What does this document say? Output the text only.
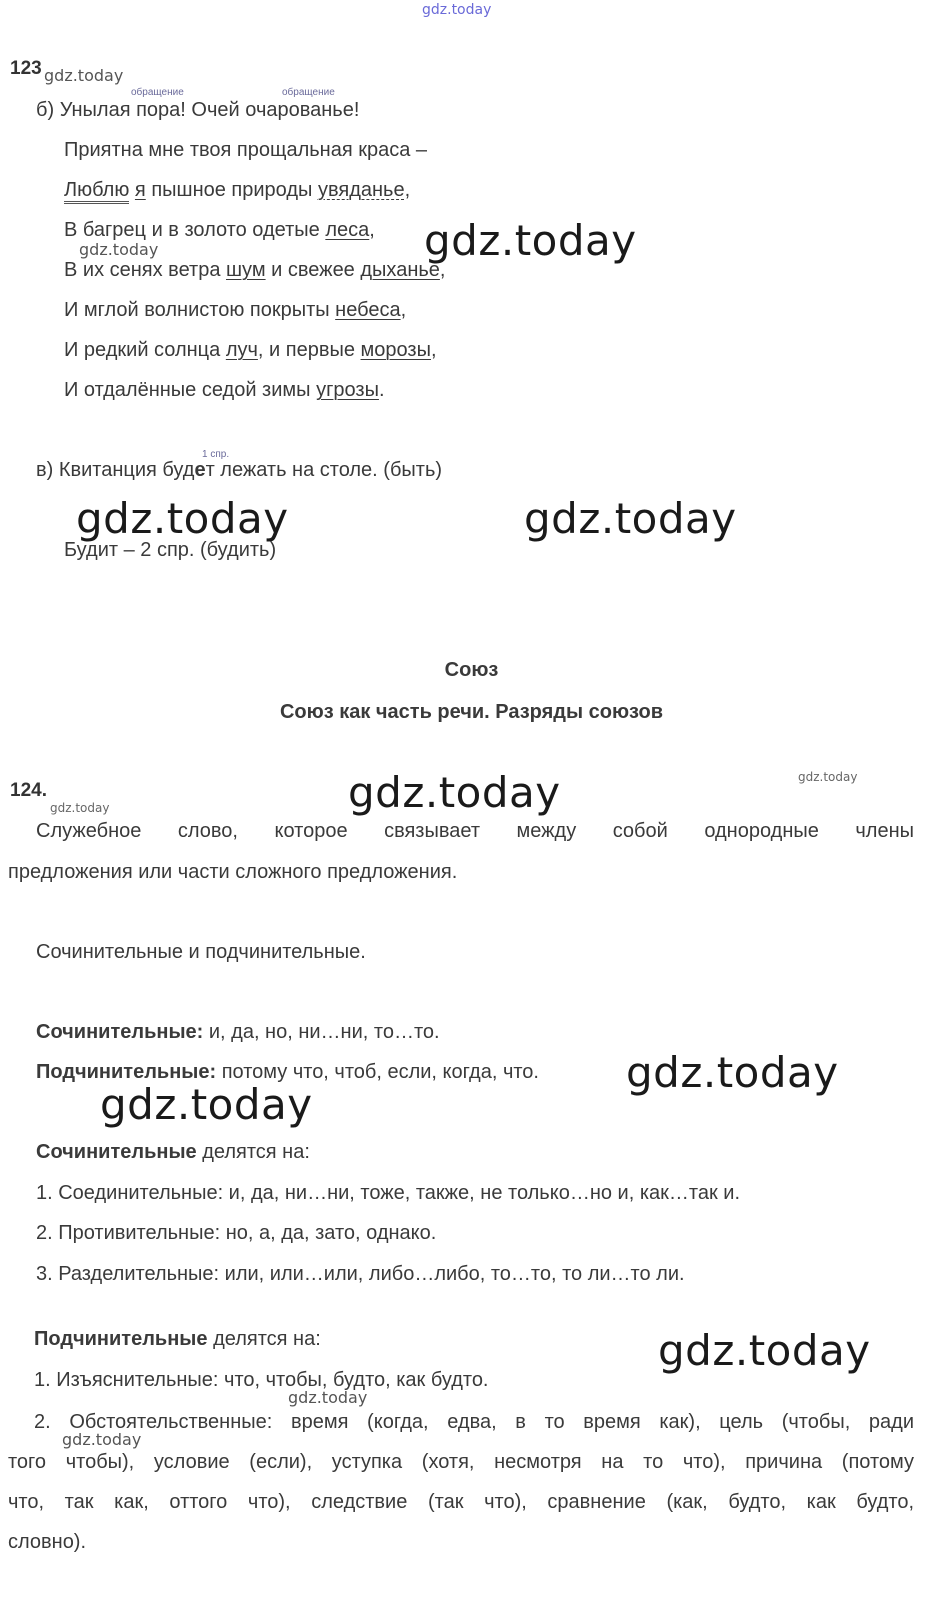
gdz.today
123 gdz.today
обращение	обращение
б) Унылая пора! Очей очарованье!
Приятна мне твоя прощальная краса –
Люблю я пышное природы увяданье,
В багрец и в золото одетые леса,
В их сенях ветра шум и свежее дыханье,
И мглой волнистою покрыты небеса,
И редкий солнца луч, и первые морозы,
И отдалённые седой зимы угрозы.
gdz.today	gdz.today
1 спр.
в) Квитанция будет лежать на столе. (быть)
gdz.today	gdz.today
Будит – 2 спр. (будить)
Союз
Союз как часть речи. Разряды союзов
124.
gdz.today	gdz.today	gdz.today
Служебное слово, которое связывает между собой однородные члены
предложения или части сложного предложения.
Сочинительные и подчинительные.
Сочинительные: и, да, но, ни…ни, то…то.
Подчинительные: потому что, чтоб, если, когда, что. gdz.today
gdz.today
Сочинительные делятся на:
1. Соединительные: и, да, ни…ни, тоже, также, не только…но и, как…так и.
2. Противительные: но, а, да, зато, однако.
3. Разделительные: или, или…или, либо…либо, то…то, то ли…то ли.
Подчинительные делятся на:	gdz.today
1. Изъяснительные: что, чтобы, будто, как будто.
gdz.today
2. Обстоятельственные: время (когда, едва, в то время как), цель (чтобы, ради
gdz.today
того чтобы), условие (если), уступка (хотя, несмотря на то что), причина (потому
что, так как, оттого что), следствие (так что), сравнение (как, будто, как будто,
словно).
